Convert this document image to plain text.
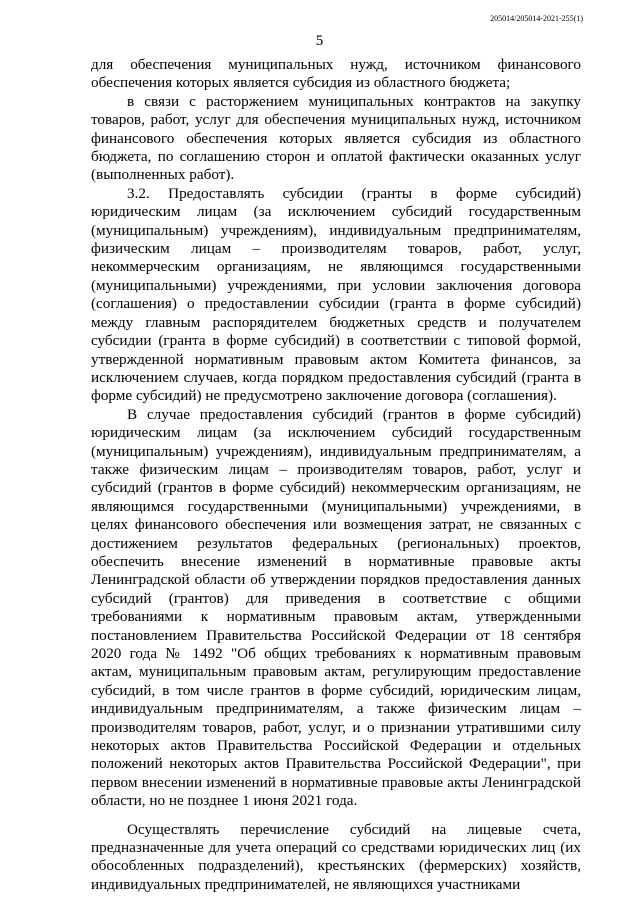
205014/205014-2021-255(1)
5

для обеспечения муниципальных нужд, источником финансового обеспечения которых является субсидия из областного бюджета;

в связи с расторжением муниципальных контрактов на закупку товаров, работ, услуг для обеспечения муниципальных нужд, источником финансового обеспечения которых является субсидия из областного бюджета, по соглашению сторон и оплатой фактически оказанных услуг (выполненных работ).

3.2. Предоставлять субсидии (гранты в форме субсидий) юридическим лицам (за исключением субсидий государственным (муниципальным) учреждениям), индивидуальным предпринимателям, физическим лицам – производителям товаров, работ, услуг, некоммерческим организациям, не являющимся государственными (муниципальными) учреждениями, при условии заключения договора (соглашения) о предоставлении субсидии (гранта в форме субсидий) между главным распорядителем бюджетных средств и получателем субсидии (гранта в форме субсидий) в соответствии с типовой формой, утвержденной нормативным правовым актом Комитета финансов, за исключением случаев, когда порядком предоставления субсидий (гранта в форме субсидий) не предусмотрено заключение договора (соглашения).

В случае предоставления субсидий (грантов в форме субсидий) юридическим лицам (за исключением субсидий государственным (муниципальным) учреждениям), индивидуальным предпринимателям, а также физическим лицам – производителям товаров, работ, услуг и субсидий (грантов в форме субсидий) некоммерческим организациям, не являющимся государственными (муниципальными) учреждениями, в целях финансового обеспечения или возмещения затрат, не связанных с достижением результатов федеральных (региональных) проектов, обеспечить внесение изменений в нормативные правовые акты Ленинградской области об утверждении порядков предоставления данных субсидий (грантов) для приведения в соответствие с общими требованиями к нормативным правовым актам, утвержденными постановлением Правительства Российской Федерации от 18 сентября 2020 года № 1492 "Об общих требованиях к нормативным правовым актам, муниципальным правовым актам, регулирующим предоставление субсидий, в том числе грантов в форме субсидий, юридическим лицам, индивидуальным предпринимателям, а также физическим лицам – производителям товаров, работ, услуг, и о признании утратившими силу некоторых актов Правительства Российской Федерации и отдельных положений некоторых актов Правительства Российской Федерации", при первом внесении изменений в нормативные правовые акты Ленинградской области, но не позднее 1 июня 2021 года.

Осуществлять перечисление субсидий на лицевые счета, предназначенные для учета операций со средствами юридических лиц (их обособленных подразделений), крестьянских (фермерских) хозяйств, индивидуальных предпринимателей, не являющихся участниками
